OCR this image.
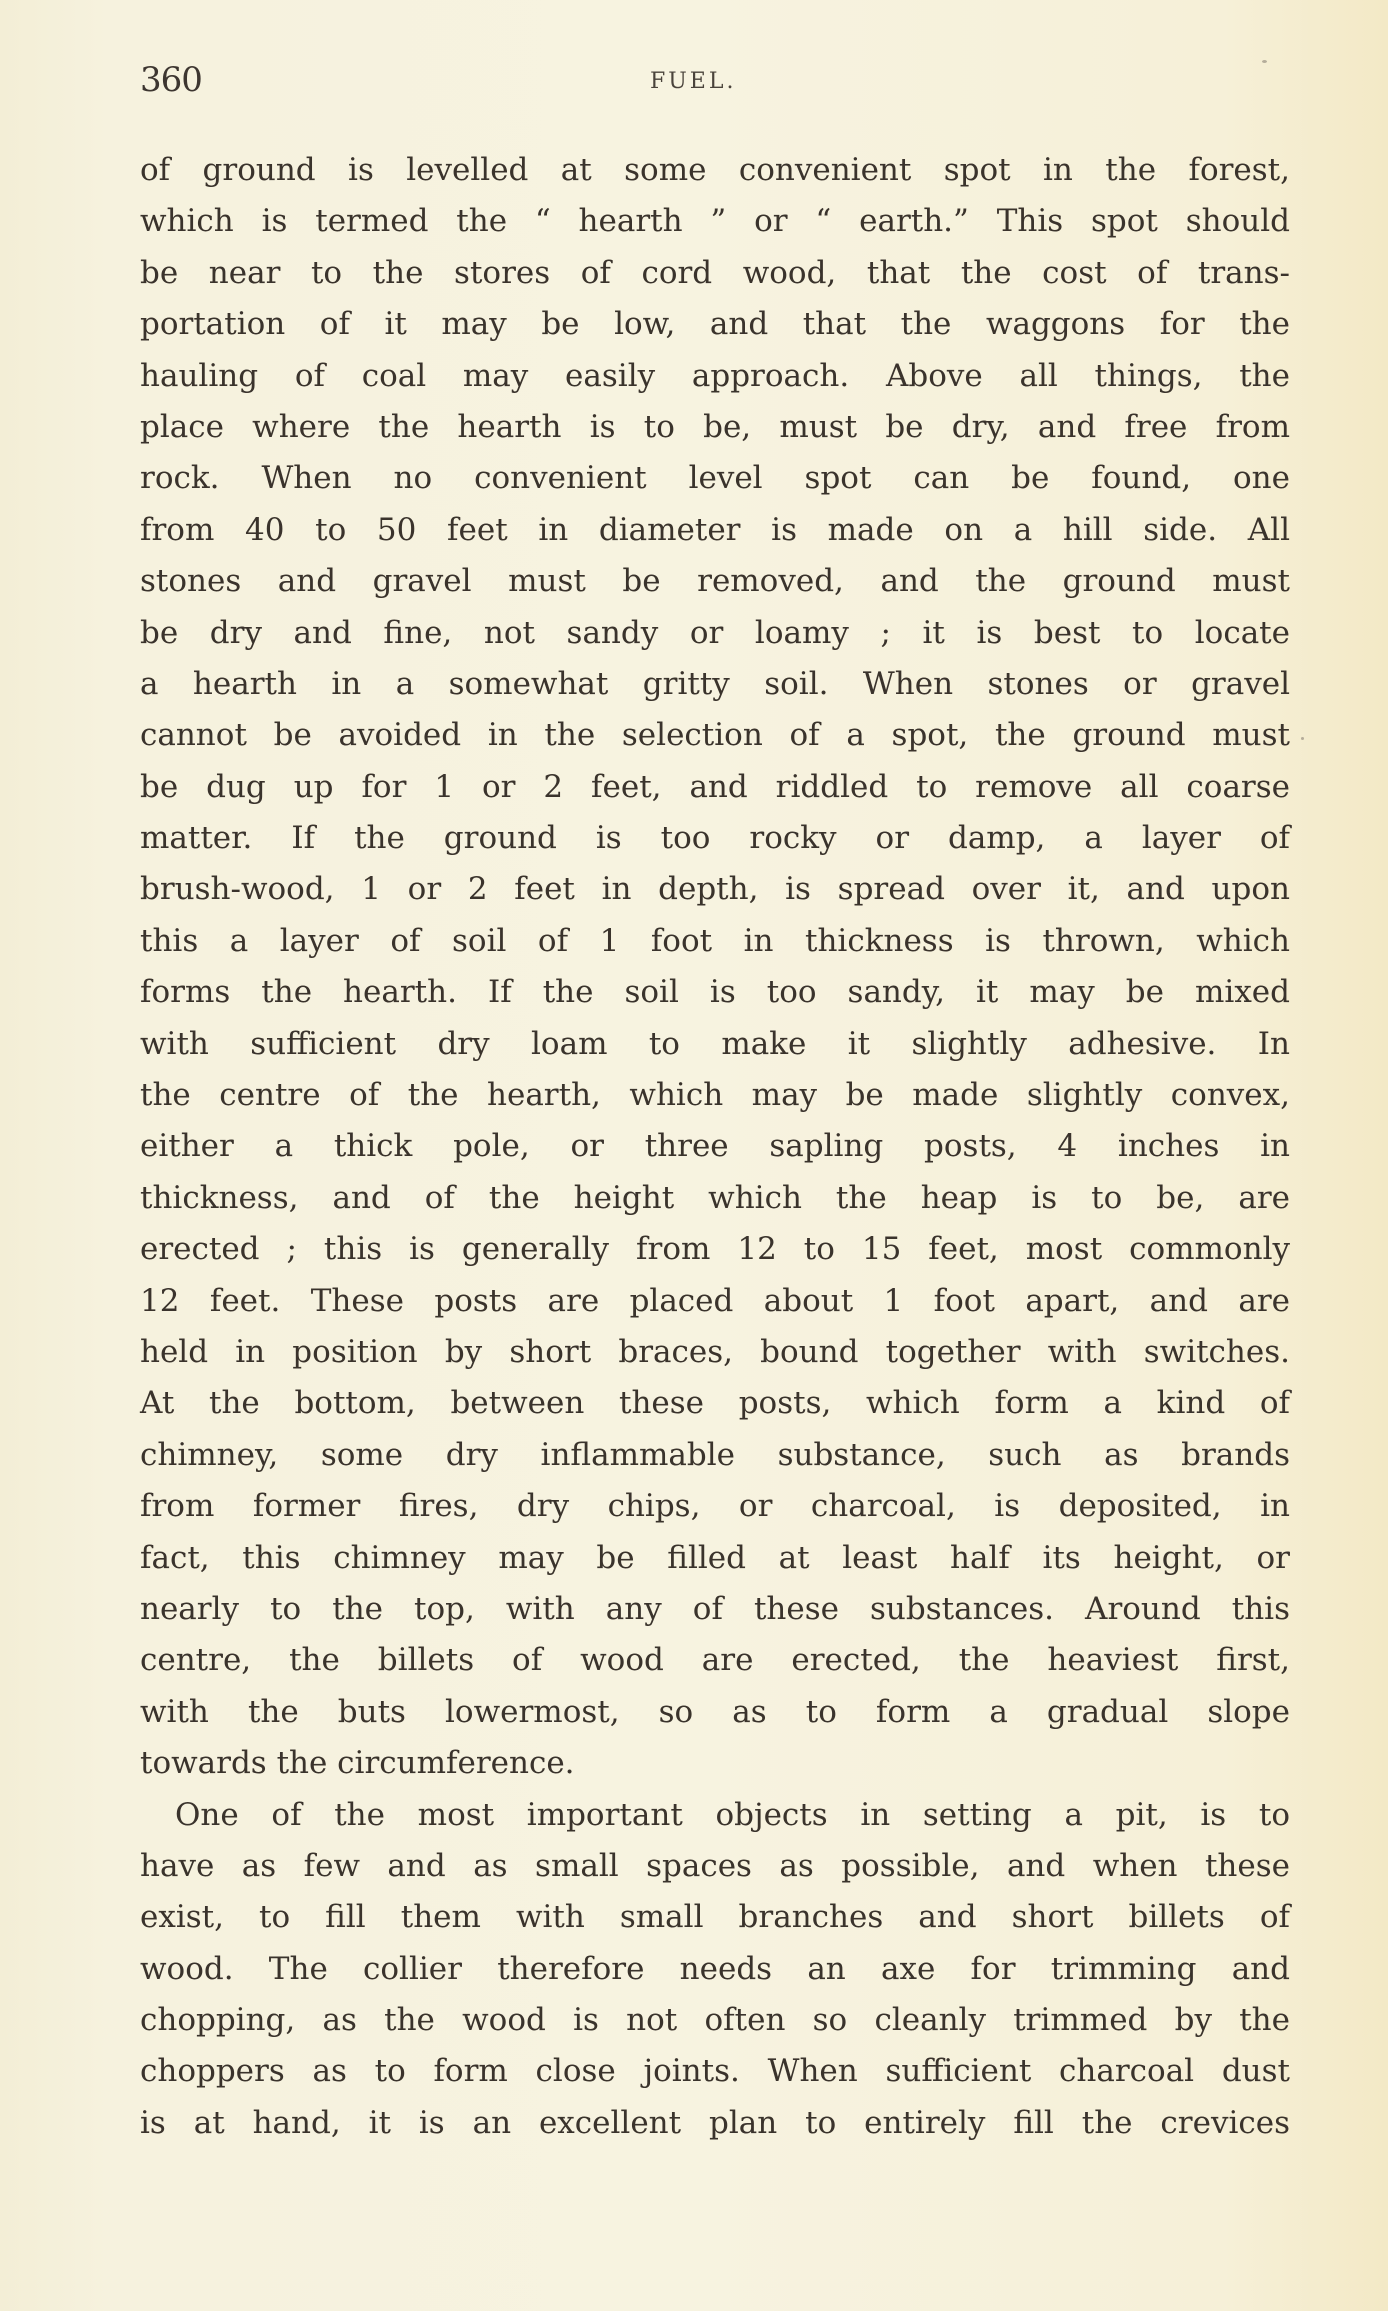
360	FUEL.
of ground is levelled at some convenient spot in the forest,
which is termed the “ hearth ” or “ earth.” This spot should
be near to the stores of cord wood, that the cost of trans-
portation of it may be low, and that the waggons for the
hauling of coal may easily approach. Above all things, the
place where the hearth is to be, must be dry, and free from
rock. When no convenient level spot can be found, one
from 40 to 50 feet in diameter is made on a hill side. All
stones and gravel must be removed, and the ground must
be dry and fine, not sandy or loamy ; it is best to locate
a hearth in a somewhat gritty soil. When stones or gravel
cannot be avoided in the selection of a spot, the ground must
be dug up for 1 or 2 feet, and riddled to remove all coarse
matter. If the ground is too rocky or damp, a layer of
brush-wood, 1 or 2 feet in depth, is spread over it, and upon
this a layer of soil of 1 foot in thickness is thrown, which
forms the hearth. If the soil is too sandy, it may be mixed
with sufficient dry loam to make it slightly adhesive. In
the centre of the hearth, which may be made slightly convex,
either a thick pole, or three sapling posts, 4 inches in
thickness, and of the height which the heap is to be, are
erected ; this is generally from 12 to 15 feet, most commonly
12 feet. These posts are placed about 1 foot apart, and are
held in position by short braces, bound together with switches.
At the bottom, between these posts, which form a kind of
chimney, some dry inflammable substance, such as brands
from former fires, dry chips, or charcoal, is deposited, in
fact, this chimney may be filled at least half its height, or
nearly to the top, with any of these substances. Around this
centre, the billets of wood are erected, the heaviest first,
with the buts lowermost, so as to form a gradual slope
towards the circumference.
One of the most important objects in setting a pit, is to
have as few and as small spaces as possible, and when these
exist, to fill them with small branches and short billets of
wood. The collier therefore needs an axe for trimming and
chopping, as the wood is not often so cleanly trimmed by the
choppers as to form close joints. When sufficient charcoal dust
is at hand, it is an excellent plan to entirely fill the crevices
